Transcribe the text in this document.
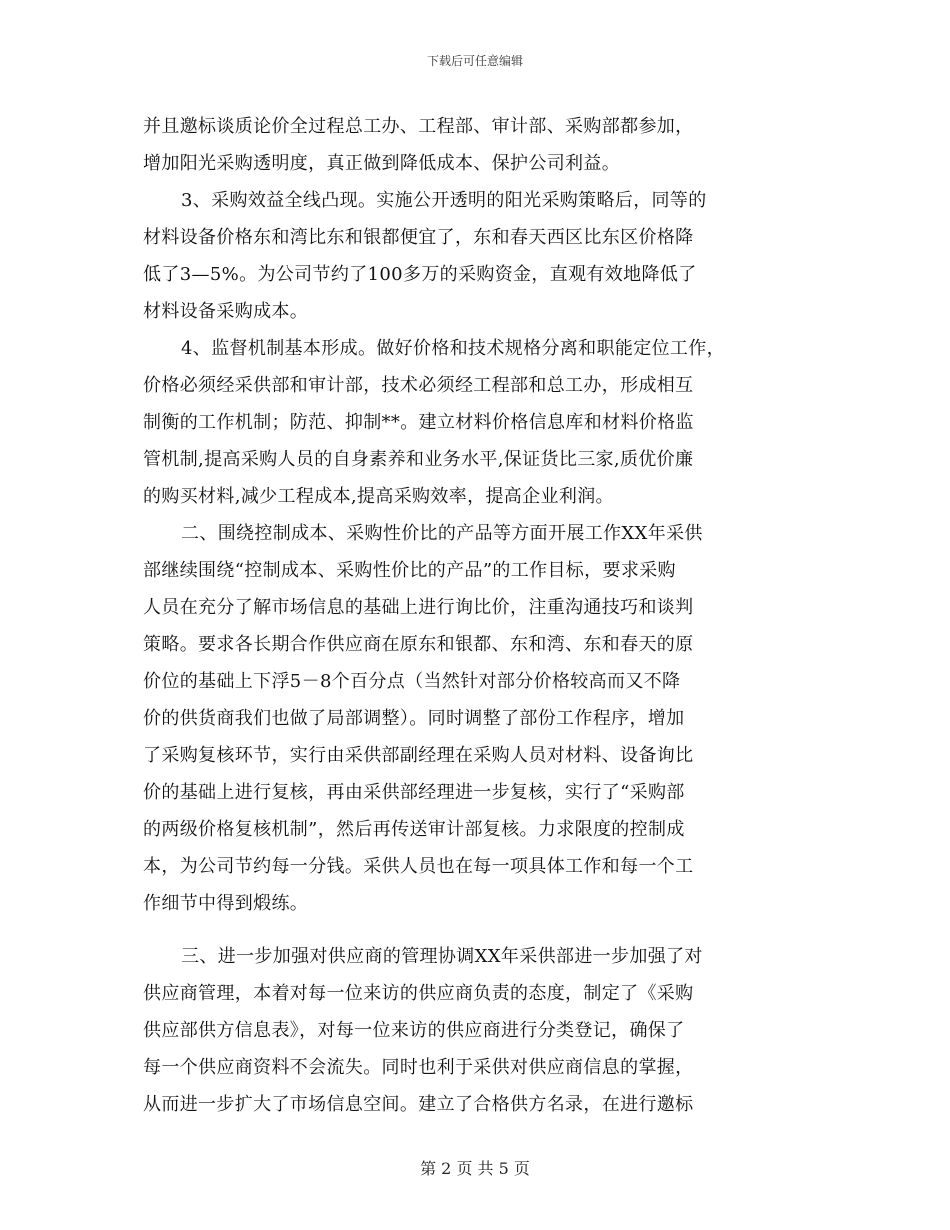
下载后可任意编辑
并且邀标谈质论价全过程总工办、工程部、审计部、采购部都参加，
增加阳光采购透明度，真正做到降低成本、保护公司利益。
3、采购效益全线凸现。实施公开透明的阳光采购策略后，同等的
材料设备价格东和湾比东和银都便宜了，东和春天西区比东区价格降
低了3—5%。为公司节约了100多万的采购资金，直观有效地降低了
材料设备采购成本。
4、监督机制基本形成。做好价格和技术规格分离和职能定位工作，
价格必须经采供部和审计部，技术必须经工程部和总工办，形成相互
制衡的工作机制；防范、抑制**。建立材料价格信息库和材料价格监
管机制,提高采购人员的自身素养和业务水平,保证货比三家,质优价廉
的购买材料,减少工程成本,提高采购效率，提高企业利润。
二、围绕控制成本、采购性价比的产品等方面开展工作XX年采供
部继续围绕“控制成本、采购性价比的产品”的工作目标，要求采购
人员在充分了解市场信息的基础上进行询比价，注重沟通技巧和谈判
策略。要求各长期合作供应商在原东和银都、东和湾、东和春天的原
价位的基础上下浮5－8个百分点（当然针对部分价格较高而又不降
价的供货商我们也做了局部调整）。同时调整了部份工作程序，增加
了采购复核环节，实行由采供部副经理在采购人员对材料、设备询比
价的基础上进行复核，再由采供部经理进一步复核，实行了“采购部
的两级价格复核机制”，然后再传送审计部复核。力求限度的控制成
本，为公司节约每一分钱。采供人员也在每一项具体工作和每一个工
作细节中得到煅练。
三、进一步加强对供应商的管理协调XX年采供部进一步加强了对
供应商管理，本着对每一位来访的供应商负责的态度，制定了《采购
供应部供方信息表》，对每一位来访的供应商进行分类登记，确保了
每一个供应商资料不会流失。同时也利于采供对供应商信息的掌握，
从而进一步扩大了市场信息空间。建立了合格供方名录，在进行邀标
第 2 页 共 5 页
